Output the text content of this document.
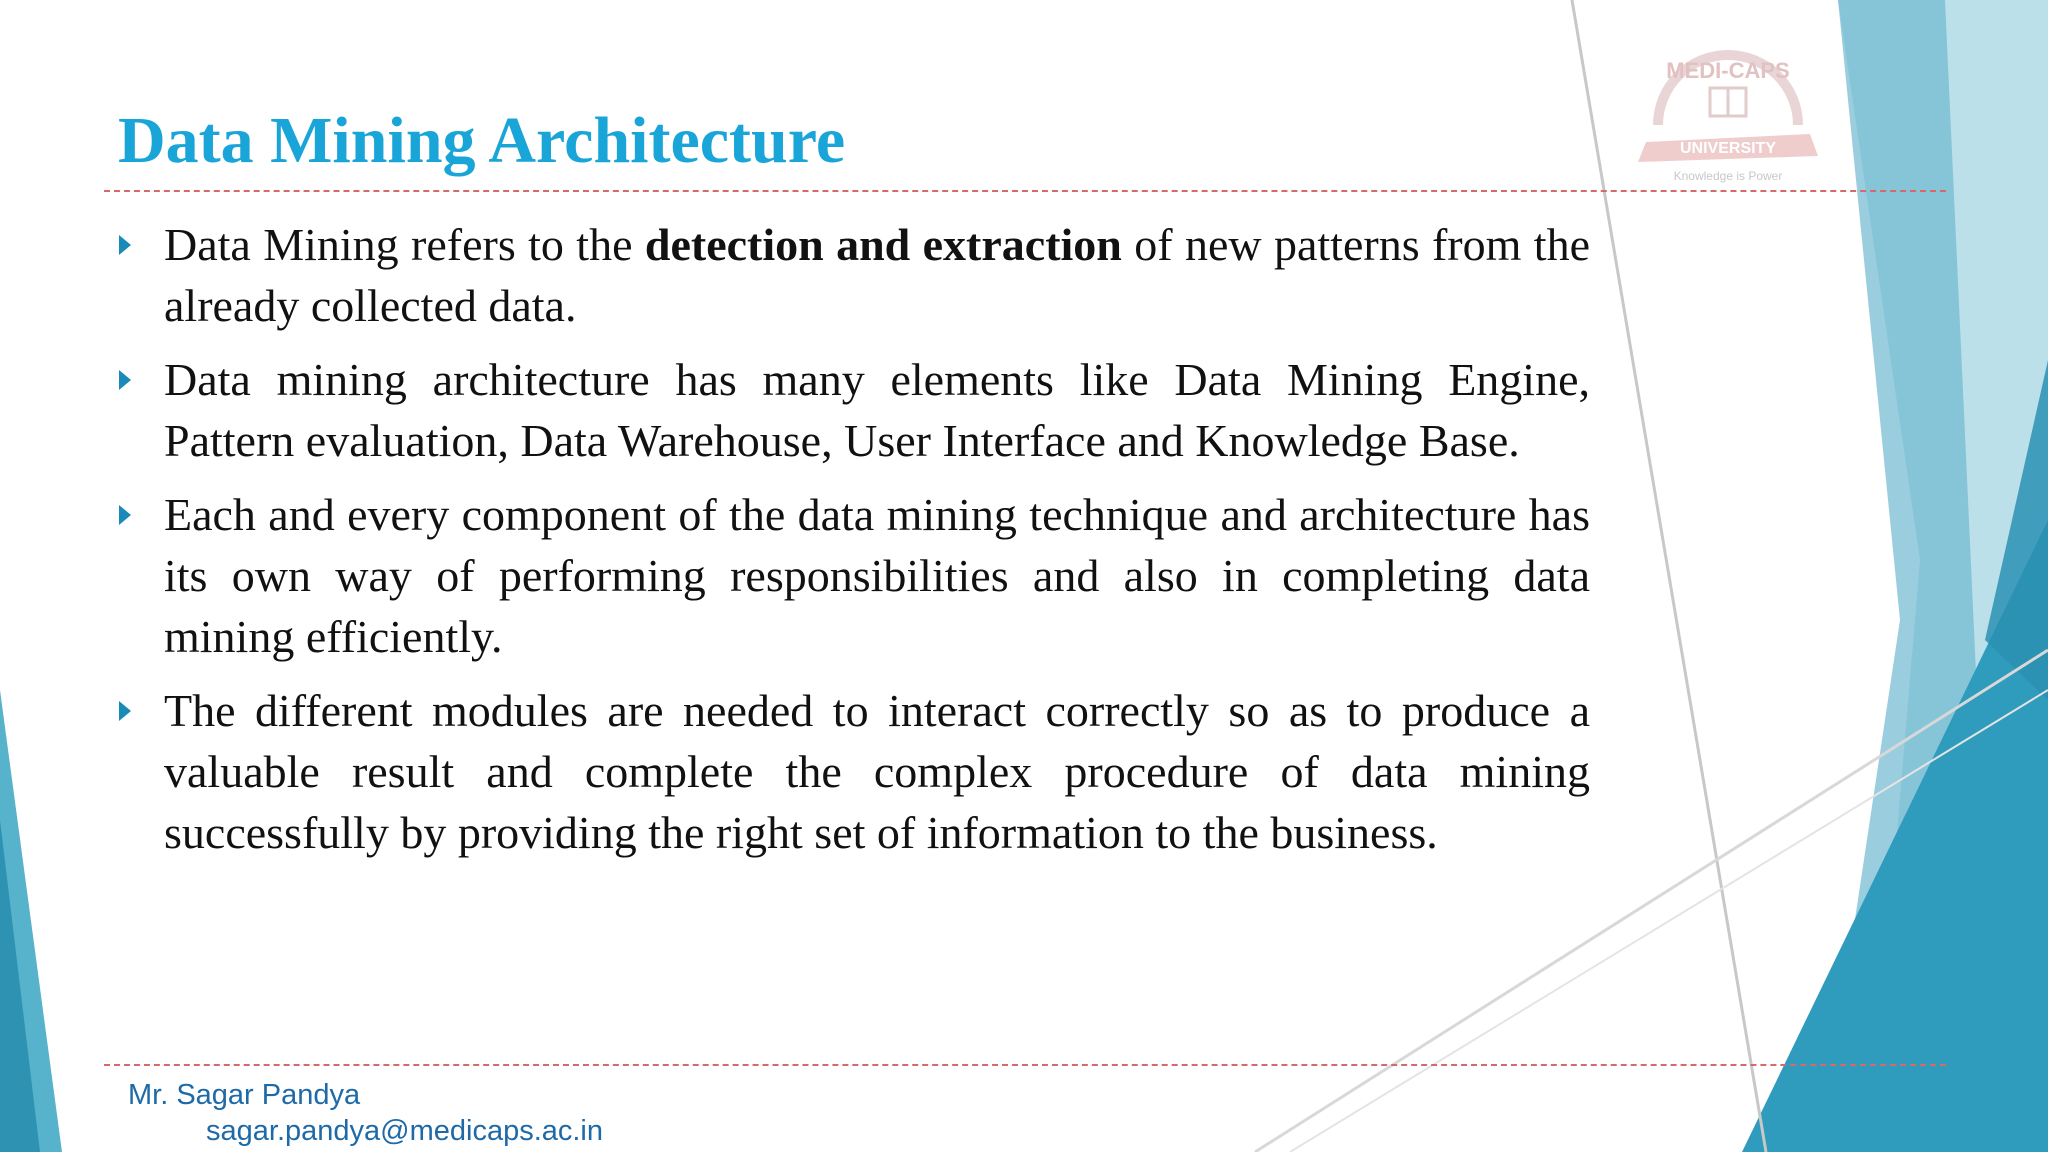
MEDI-CAPS
UNIVERSITY
Knowledge is Power
Data Mining Architecture
Data Mining refers to the detection and extraction of new patterns from the already collected data.
Data mining architecture has many elements like Data Mining Engine, Pattern evaluation, Data Warehouse, User Interface and Knowledge Base.
Each and every component of the data mining technique and architecture has its own way of performing responsibilities and also in completing data mining efficiently.
The different modules are needed to interact correctly so as to produce a valuable result and complete the complex procedure of data mining successfully by providing the right set of information to the business.
Mr. Sagar Pandya
sagar.pandya@medicaps.ac.in
